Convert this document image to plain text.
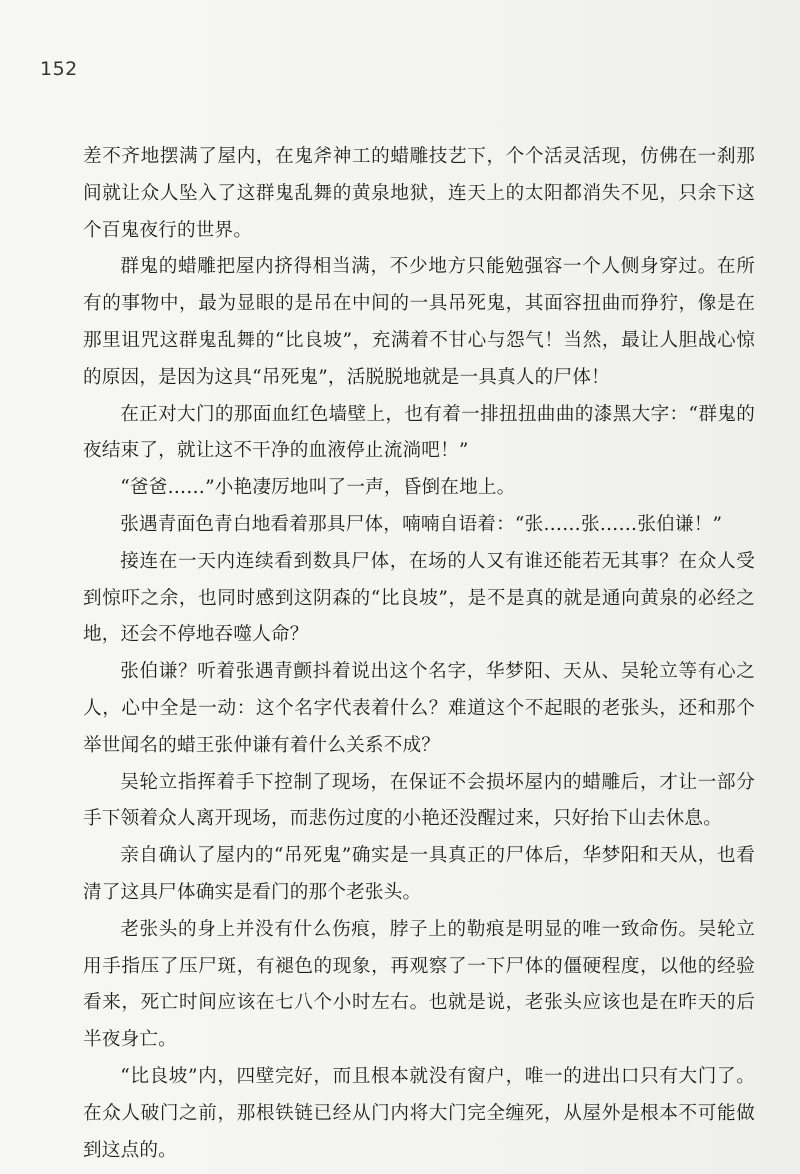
152

差不齐地摆满了屋内，在鬼斧神工的蜡雕技艺下，个个活灵活现，仿佛在一刹那间就让众人坠入了这群鬼乱舞的黄泉地狱，连天上的太阳都消失不见，只余下这个百鬼夜行的世界。

群鬼的蜡雕把屋内挤得相当满，不少地方只能勉强容一个人侧身穿过。在所有的事物中，最为显眼的是吊在中间的一具吊死鬼，其面容扭曲而狰狞，像是在那里诅咒这群鬼乱舞的“比良坡”，充满着不甘心与怨气！当然，最让人胆战心惊的原因，是因为这具“吊死鬼”，活脱脱地就是一具真人的尸体！

在正对大门的那面血红色墙壁上，也有着一排扭扭曲曲的漆黑大字：“群鬼的夜结束了，就让这不干净的血液停止流淌吧！”

“爸爸……”小艳凄厉地叫了一声，昏倒在地上。

张遇青面色青白地看着那具尸体，喃喃自语着：“张……张……张伯谦！”

接连在一天内连续看到数具尸体，在场的人又有谁还能若无其事？在众人受到惊吓之余，也同时感到这阴森的“比良坡”，是不是真的就是通向黄泉的必经之地，还会不停地吞噬人命？

张伯谦？听着张遇青颤抖着说出这个名字，华梦阳、天从、吴轮立等有心之人，心中全是一动：这个名字代表着什么？难道这个不起眼的老张头，还和那个举世闻名的蜡王张仲谦有着什么关系不成？

吴轮立指挥着手下控制了现场，在保证不会损坏屋内的蜡雕后，才让一部分手下领着众人离开现场，而悲伤过度的小艳还没醒过来，只好抬下山去休息。

亲自确认了屋内的“吊死鬼”确实是一具真正的尸体后，华梦阳和天从，也看清了这具尸体确实是看门的那个老张头。

老张头的身上并没有什么伤痕，脖子上的勒痕是明显的唯一致命伤。吴轮立用手指压了压尸斑，有褪色的现象，再观察了一下尸体的僵硬程度，以他的经验看来，死亡时间应该在七八个小时左右。也就是说，老张头应该也是在昨天的后半夜身亡。

“比良坡”内，四壁完好，而且根本就没有窗户，唯一的进出口只有大门了。在众人破门之前，那根铁链已经从门内将大门完全缠死，从屋外是根本不可能做到这点的。
